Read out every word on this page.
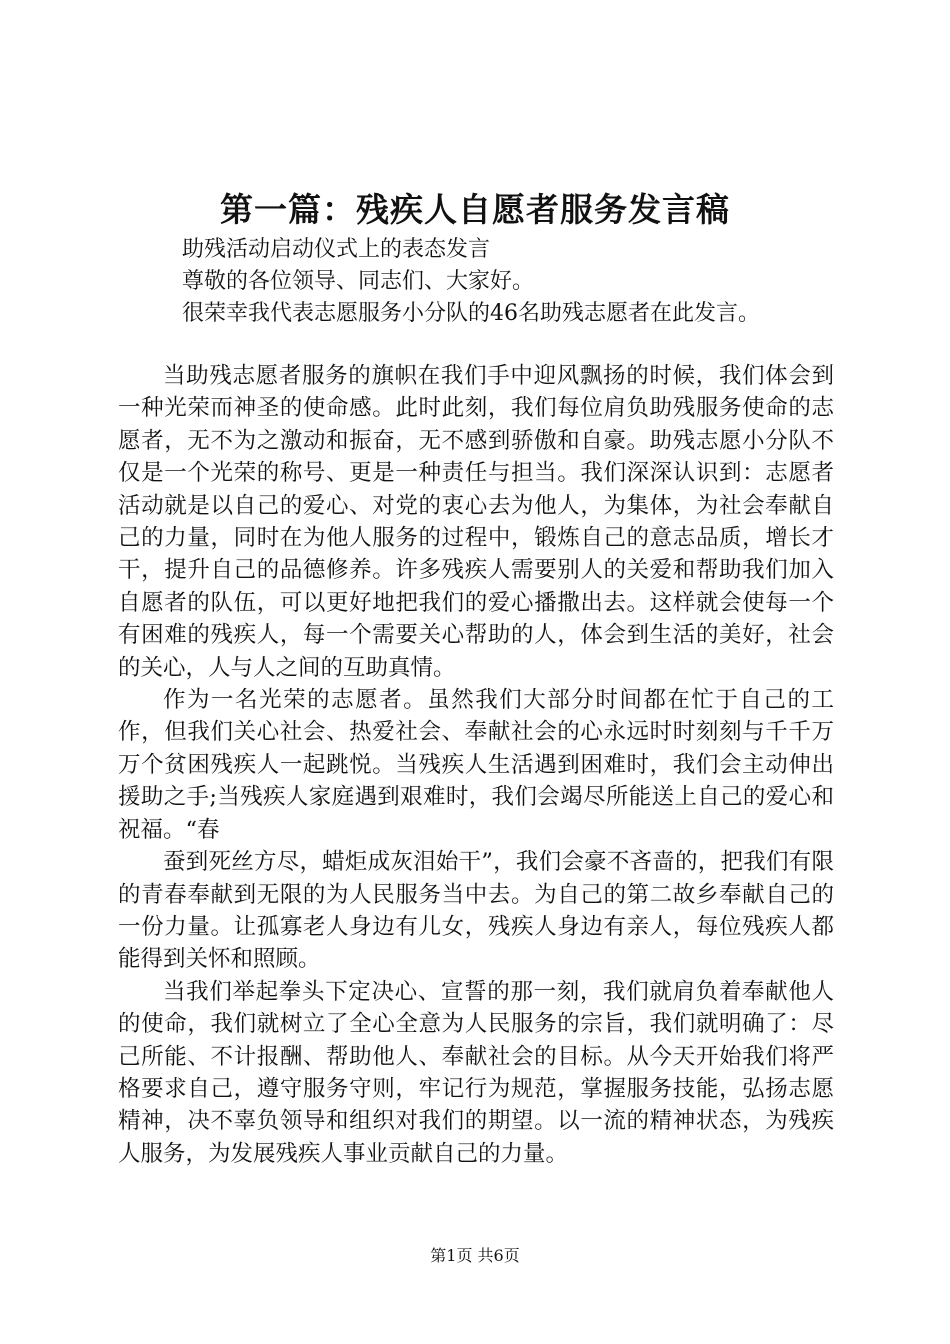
第一篇：残疾人自愿者服务发言稿

助残活动启动仪式上的表态发言

尊敬的各位领导、同志们、大家好。

很荣幸我代表志愿服务小分队的46名助残志愿者在此发言。

当助残志愿者服务的旗帜在我们手中迎风飘扬的时候，我们体会到一种光荣而神圣的使命感。此时此刻，我们每位肩负助残服务使命的志愿者，无不为之激动和振奋，无不感到骄傲和自豪。助残志愿小分队不仅是一个光荣的称号、更是一种责任与担当。我们深深认识到：志愿者活动就是以自己的爱心、对党的衷心去为他人，为集体，为社会奉献自己的力量，同时在为他人服务的过程中，锻炼自己的意志品质，增长才干，提升自己的品德修养。许多残疾人需要别人的关爱和帮助我们加入自愿者的队伍，可以更好地把我们的爱心播撒出去。这样就会使每一个有困难的残疾人，每一个需要关心帮助的人，体会到生活的美好，社会的关心，人与人之间的互助真情。

作为一名光荣的志愿者。虽然我们大部分时间都在忙于自己的工作，但我们关心社会、热爱社会、奉献社会的心永远时时刻刻与千千万万个贫困残疾人一起跳悦。当残疾人生活遇到困难时，我们会主动伸出援助之手;当残疾人家庭遇到艰难时，我们会竭尽所能送上自己的爱心和祝福。“春

蚕到死丝方尽，蜡炬成灰泪始干”，我们会豪不吝啬的，把我们有限的青春奉献到无限的为人民服务当中去。为自己的第二故乡奉献自己的一份力量。让孤寡老人身边有儿女，残疾人身边有亲人，每位残疾人都能得到关怀和照顾。

当我们举起拳头下定决心、宣誓的那一刻，我们就肩负着奉献他人的使命，我们就树立了全心全意为人民服务的宗旨，我们就明确了：尽己所能、不计报酬、帮助他人、奉献社会的目标。从今天开始我们将严格要求自己，遵守服务守则，牢记行为规范，掌握服务技能，弘扬志愿精神，决不辜负领导和组织对我们的期望。以一流的精神状态，为残疾人服务，为发展残疾人事业贡献自己的力量。

第1页 共6页
